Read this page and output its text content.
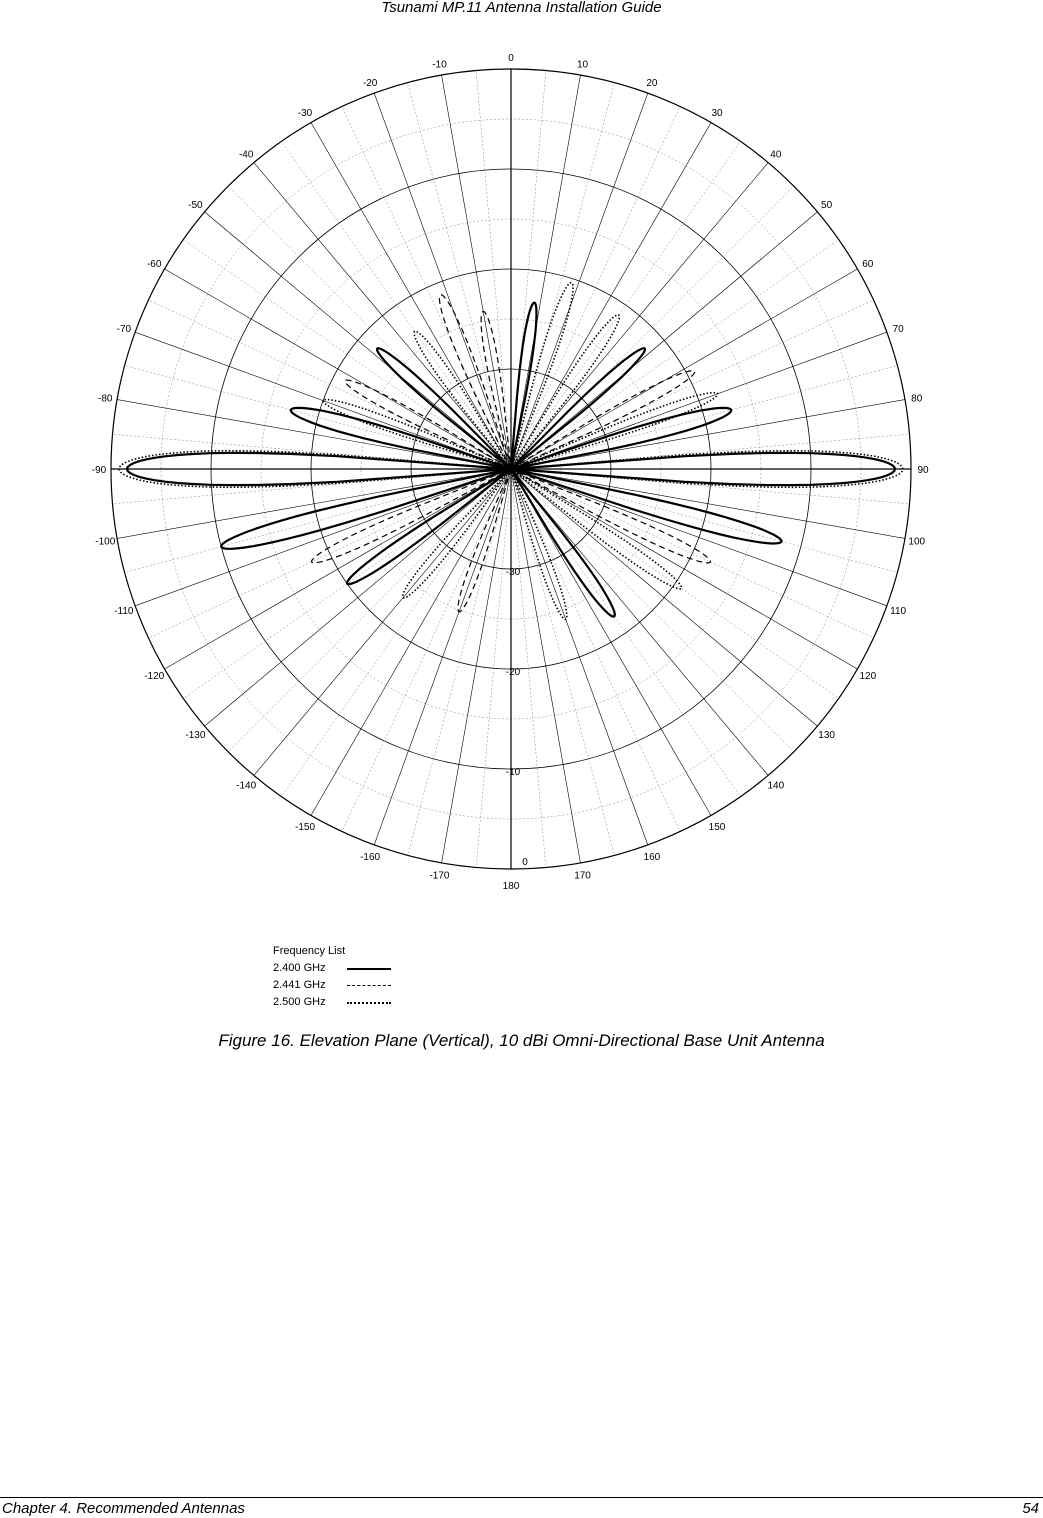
Tsunami MP.11 Antenna Installation Guide
10
20
30
40
50
60
70
80
90
100
110
120
130
140
150
160
170
-10
-20
-30
-40
-50
-60
-70
-80
-90
-100
-110
-120
-130
-140
-150
-160
-170
0
180
0
-30
-20
-10
Frequency List
2.400 GHz
2.441 GHz
2.500 GHz
Figure 16. Elevation Plane (Vertical), 10 dBi Omni-Directional Base Unit Antenna
Chapter 4. Recommended Antennas	54
